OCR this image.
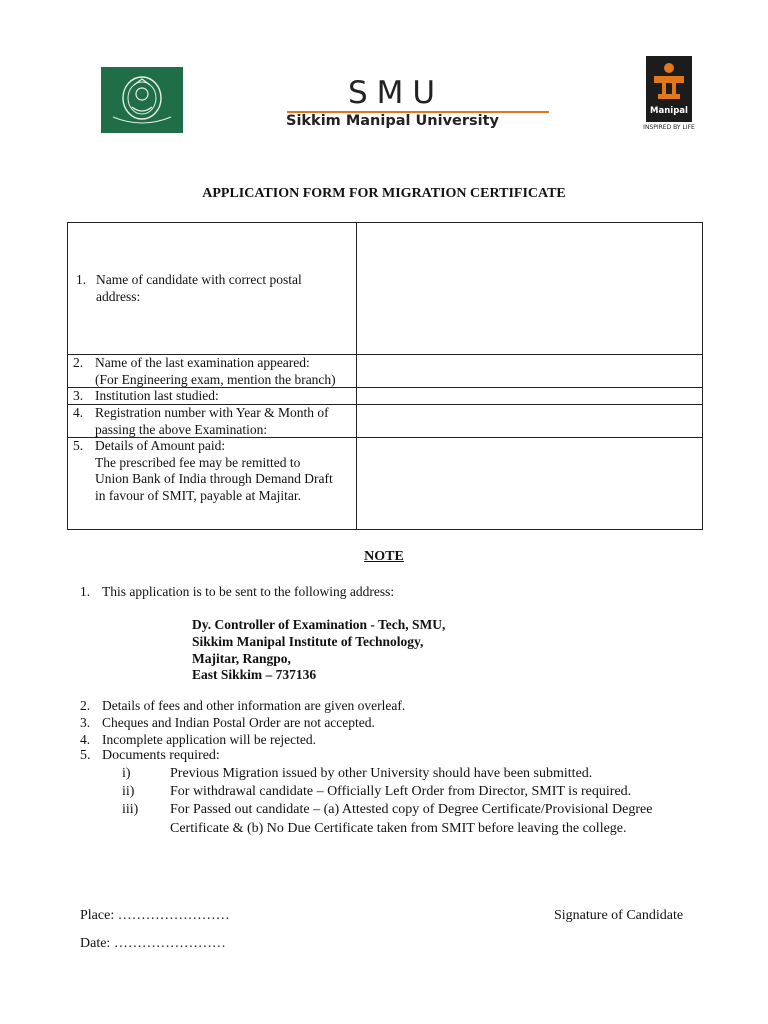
SMU
Sikkim Manipal University
Manipal
INSPIRED BY LIFE
APPLICATION FORM FOR MIGRATION CERTIFICATE
1. Name of candidate with correct postal
address:
2. Name of the last examination appeared:
(For Engineering exam, mention the branch)
3. Institution last studied:
4. Registration number with Year & Month of
passing the above Examination:
5. Details of Amount paid:
The prescribed fee may be remitted to
Union Bank of India through Demand Draft
in favour of SMIT, payable at Majitar.
NOTE
1. This application is to be sent to the following address:
Dy. Controller of Examination - Tech, SMU,
Sikkim Manipal Institute of Technology,
Majitar, Rangpo,
East Sikkim – 737136
2. Details of fees and other information are given overleaf.
3. Cheques and Indian Postal Order are not accepted.
4. Incomplete application will be rejected.
5. Documents required:
i)	Previous Migration issued by other University should have been submitted.
ii)	For withdrawal candidate – Officially Left Order from Director, SMIT is required.
iii) For Passed out candidate – (a) Attested copy of Degree Certificate/Provisional Degree
Certificate & (b) No Due Certificate taken from SMIT before leaving the college.
Place: ……………………
Date: ……………………
Signature of Candidate
